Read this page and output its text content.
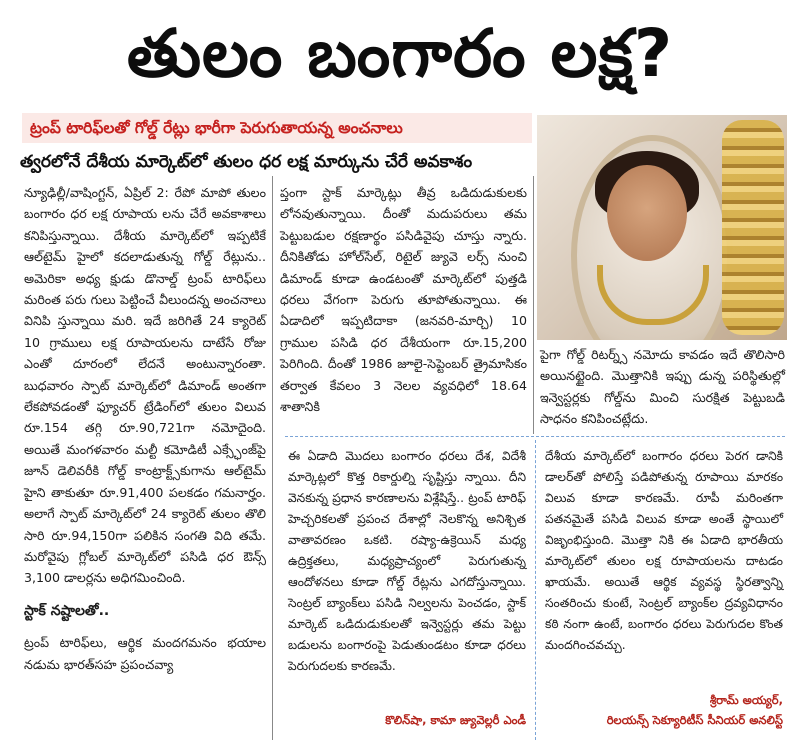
తులం బంగారం లక్ష?
ట్రంప్ టారిఫ్‌లతో గోల్డ్ రేట్లు భారీగా పెరుగుతాయన్న అంచనాలు
త్వరలోనే దేశీయ మార్కెట్‌లో తులం ధర లక్ష మార్కును చేరే అవకాశం

న్యూఢిల్లీ/వాషింగ్టన్, ఏప్రిల్ 2: రేపో మాపో తులం బంగారం ధర లక్ష రూపాయ లను చేరే అవకాశాలు కనిపిస్తున్నాయి. దేశీయ మార్కెట్‌లో ఇప్పటికే ఆల్‌టైమ్ హైలో కదలాడుతున్న గోల్డ్ రేట్లును.. అమెరికా అధ్య క్షుడు డొనాల్డ్ ట్రంప్ టారిఫ్‌లు మరింత పరు గులు పెట్టించే వీలుందన్న అంచనాలు వినిపి స్తున్నాయి మరి. ఇదే జరిగితే 24 క్యారెట్ 10 గ్రాములు లక్ష రూపాయలను దాటేసే రోజు ఎంతో దూరంలో లేదనే అంటున్నారంతా. బుధవారం స్పాట్ మార్కెట్‌లో డిమాండ్ అంతగా లేకపోవడంతో ఫ్యూచర్ ట్రేడింగ్‌లో తులం విలువ రూ.154 తగ్గి రూ.90,721గా నమోదైంది. అయితే మంగళవారం మల్టీ కమోడిటీ ఎక్స్ఛేంజ్‌పై జూన్ డెలివరీకి గోల్డ్ కాంట్రాక్ట్స్‌కుగాను ఆల్‌టైమ్ హైని తాకుతూ రూ.91,400 పలకడం గమనార్హం. అలాగే స్పాట్ మార్కెట్‌లో 24 క్యారెట్ తులం తొలి సారి రూ.94,150గా పలికిన సంగతి విది తమే. మరోవైపు గ్లోబల్ మార్కెట్‌లో పసిడి ధర ఔన్స్ 3,100 డాలర్లను అధిగమించింది.

స్టాక్ నష్టాలతో..

ట్రంప్ టారిఫ్‌లు, ఆర్థిక మందగమనం భయాల నడుమ భారత్‌సహ ప్రపంచవ్యా

ప్తంగా స్టాక్ మార్కెట్లు తీవ్ర ఒడిదుడుకులకు లోనవుతున్నాయి. దీంతో మదుపరులు తమ పెట్టుబడుల రక్షణార్థం పసిడివైపు చూస్తు న్నారు. దీనికితోడు హోల్‌సేల్, రిటైల్ జ్యువె లర్స్ నుంచి డిమాండ్ కూడా ఉండటంతో మార్కెట్‌లో పుత్తడి ధరలు వేగంగా పెరుగు తూపోతున్నాయి. ఈ ఏడాదిలో ఇప్పటిదాకా (జనవరి-మార్చి) 10 గ్రాముల పసిడి ధర దేశీయంగా రూ.15,200 పెరిగింది. దీంతో 1986 జూలై-సెప్టెంబర్ త్రైమాసికం తర్వాత కేవలం 3 నెలల వ్యవధిలో 18.64 శాతానికి

పైగా గోల్డ్ రిటర్న్స్ నమోదు కావడం ఇదే తొలిసారి అయినట్టైంది. మొత్తానికి ఇప్పు డున్న పరిస్థితుల్లో ఇన్వెస్టర్లకు గోల్డ్‌ను మించి సురక్షిత పెట్టుబడి సాధనం కనిపించట్లేదు.

ఈ ఏడాది మొదలు బంగారం ధరలు దేశ, విదేశీ మార్కెట్లలో కొత్త రికార్డుల్ని సృష్టిస్తు న్నాయి. దీని వెనకున్న ప్రధాన కారణాలను విశ్లేషిస్తే.. ట్రంప్ టారిఫ్ హెచ్చరికలతో ప్రపంచ దేశాల్లో నెలకొన్న అనిశ్చిత వాతావరణం ఒకటి. రష్యా-ఉక్రెయిన్ మధ్య ఉద్రిక్తతలు, మధ్యప్రాచ్యంలో పెరుగుతున్న ఆందోళనలు కూడా గోల్డ్ రేట్లను ఎగదోస్తున్నాయి. సెంట్రల్ బ్యాంక్‌లు పసిడి నిల్వలను పెంచడం, స్టాక్ మార్కెట్ ఒడిదుడుకులతో ఇన్వెస్టర్లు తమ పెట్టు బడులను బంగారంపై పెడుతుండటం కూడా ధరలు పెరుగుదలకు కారణమే.

కొలిన్‌షా, కామా జ్యువెల్లరీ ఎండీ

దేశీయ మార్కెట్‌లో బంగారం ధరలు పెరగ డానికి డాలర్‌తో పోలిస్తే పడిపోతున్న రూపాయి మారకం విలువ కూడా కారణమే. రూపీ మరింతగా పతనమైతే పసిడి విలువ కూడా అంతే స్థాయిలో విజృంభిస్తుంది. మొత్తా నికి ఈ ఏడాది భారతీయ మార్కెట్‌లో తులం లక్ష రూపాయలను దాటడం ఖాయమే. అయితే ఆర్థిక వ్యవస్థ స్థిరత్వాన్ని సంతరించు కుంటే, సెంట్రల్ బ్యాంక్‌ల ద్రవ్యవిధానం కఠి నంగా ఉంటే, బంగారం ధరలు పెరుగుదల కొంత మందగించవచ్చు.

శ్రీరామ్ అయ్యర్,
రిలయన్స్ సెక్యూరిటీస్ సీనియర్ అనలిస్ట్
